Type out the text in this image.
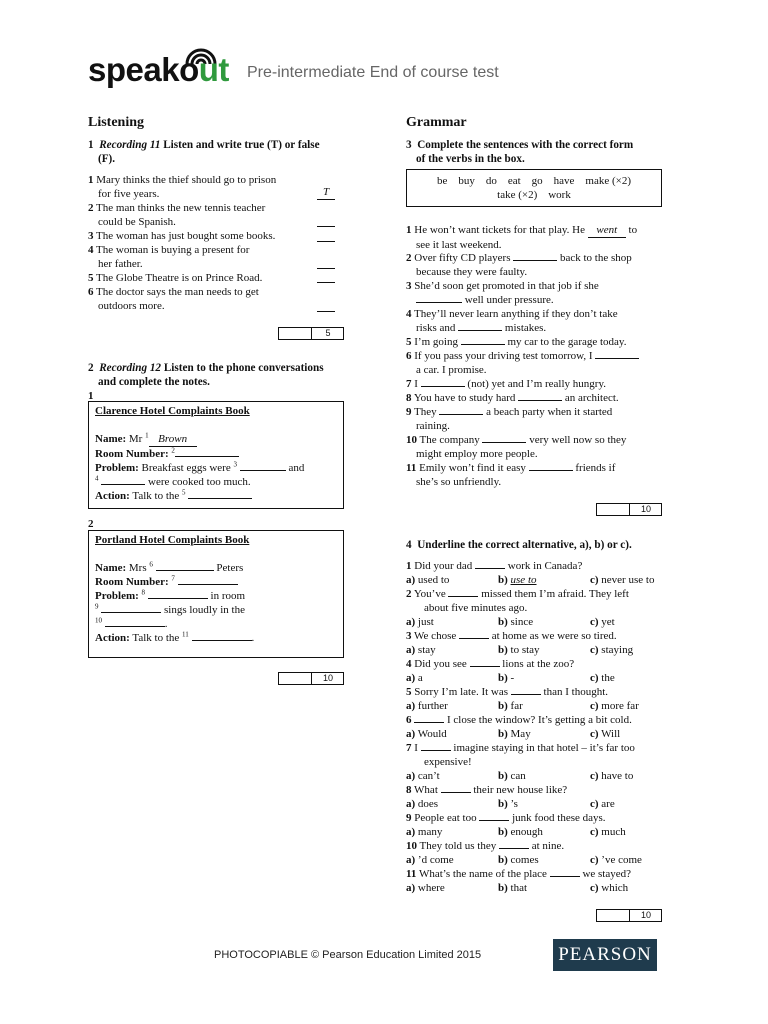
speakout Pre-intermediate End of course test
Listening
1 Recording 11 Listen and write true (T) or false
(F).
1 Mary thinks the thief should go to prison
for five years.	T
2 The man thinks the new tennis teacher
could be Spanish.
3 The woman has just bought some books.
4 The woman is buying a present for
her father.
5 The Globe Theatre is on Prince Road.
6 The doctor says the man needs to get
outdoors more.
5
2 Recording 12 Listen to the phone conversations
and complete the notes.
1
Clarence Hotel Complaints Book
Name: Mr $^1$ Brown
Room Number: $^2$
Problem: Breakfast eggs were $^3$	and
$^4$	were cooked too much.
Action: Talk to the $^5$
2
Portland Hotel Complaints Book
Name: Mrs $^6$	Peters
Room Number: $^7$
Problem: $^8$	in room
$^9$	sings loudly in the
$^{10}$	.
Action: Talk to the $^{11}$	.
10
Grammar
3 Complete the sentences with the correct form
of the verbs in the box.
be    buy    do    eat    go    have    make (×2)
take (×2)    work
1 He won’t want tickets for that play. He went to
see it last weekend.
2 Over fifty CD players	back to the shop
because they were faulty.
3 She’d soon get promoted in that job if she
well under pressure.
4 They’ll never learn anything if they don’t take
risks and	mistakes.
5 I’m going	my car to the garage today.
6 If you pass your driving test tomorrow, I
a car. I promise.
7 I	(not) yet and I’m really hungry.
8 You have to study hard	an architect.
9 They	a beach party when it started
raining.
10 The company	very well now so they
might employ more people.
11 Emily won’t find it easy	friends if
she’s so unfriendly.
10
4 Underline the correct alternative, a), b) or c).
1 Did your dad	work in Canada?
a) used to	b) use to	c) never use to
2 You’ve	missed them I’m afraid. They left
about five minutes ago.
a) just	b) since	c) yet
3 We chose	at home as we were so tired.
a) stay	b) to stay	c) staying
4 Did you see	lions at the zoo?
a) a	b) -	c) the
5 Sorry I’m late. It was	than I thought.
a) further	b) far	c) more far
6	I close the window? It’s getting a bit cold.
a) Would	b) May	c) Will
7 I	imagine staying in that hotel – it’s far too
expensive!
a) can’t	b) can	c) have to
8 What	their new house like?
a) does	b) ’s	c) are
9 People eat too	junk food these days.
a) many	b) enough	c) much
10 They told us they	at nine.
a) ’d come	b) comes	c) ’ve come
11 What’s the name of the place	we stayed?
a) where	b) that	c) which
10
PHOTOCOPIABLE © Pearson Education Limited 2015	PEARSON
